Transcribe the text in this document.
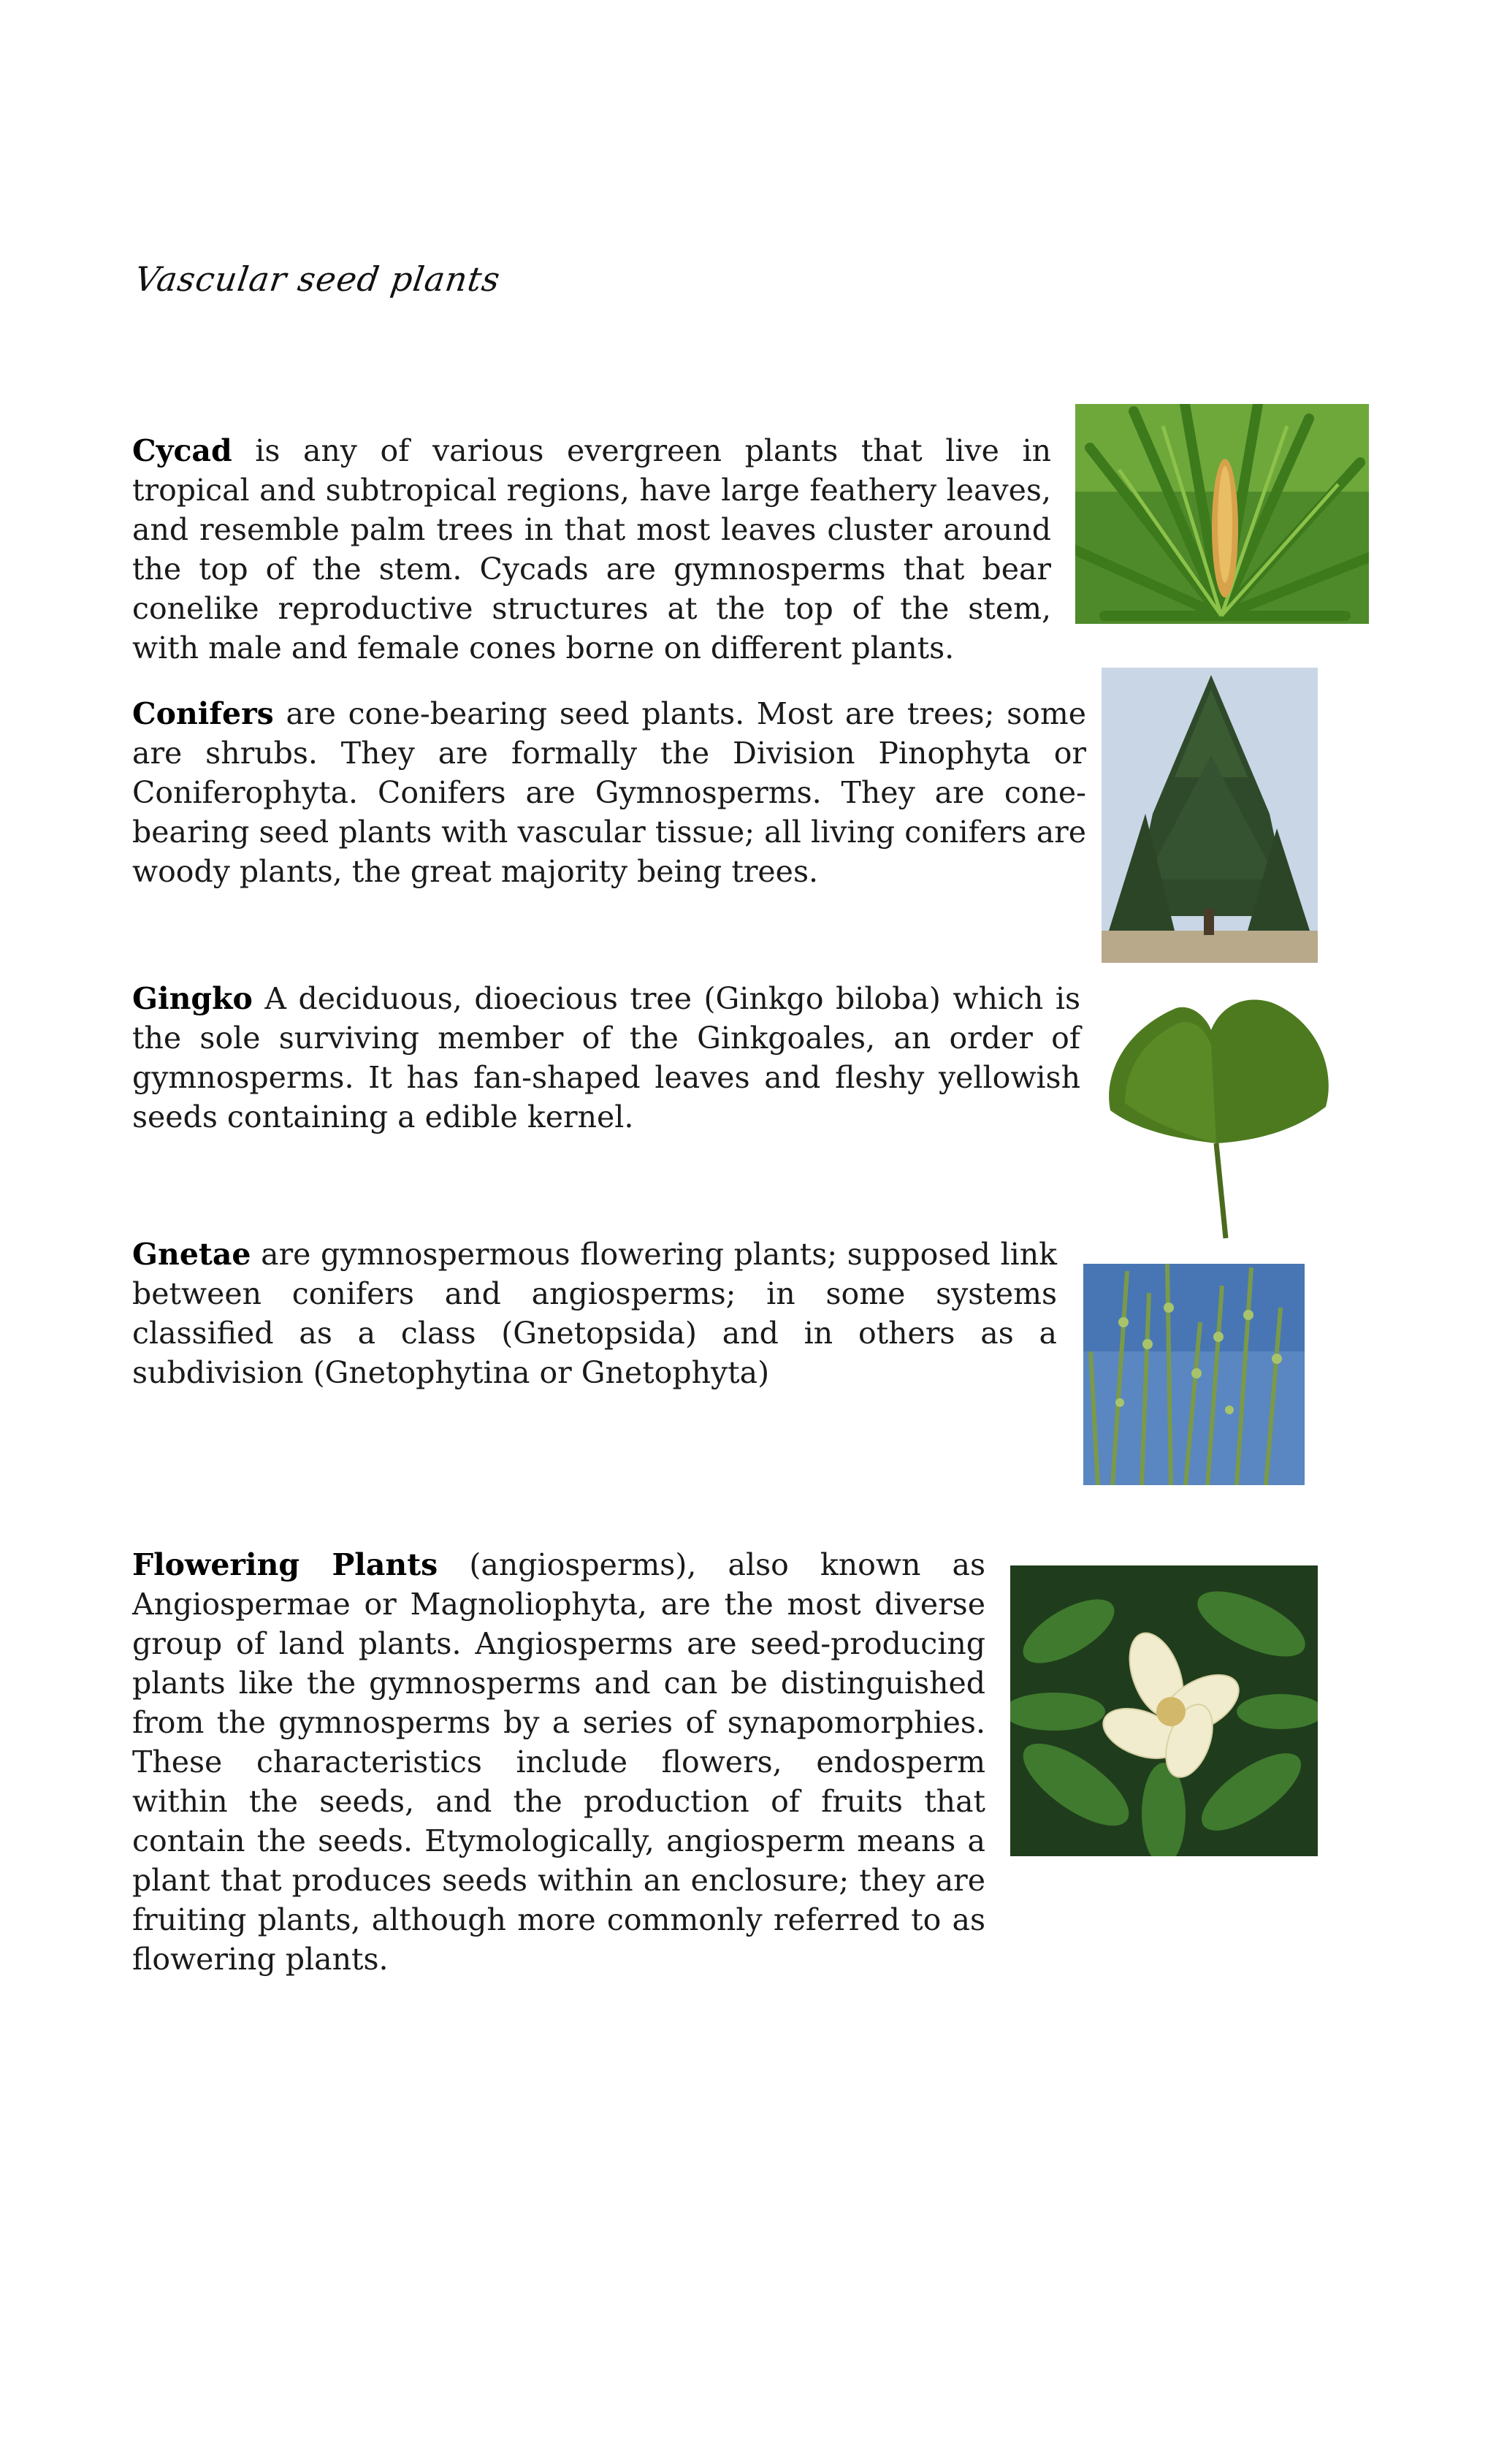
Vascular seed plants

Cycad is any of various evergreen plants that live in tropical and subtropical regions, have large feathery leaves, and resemble palm trees in that most leaves cluster around the top of the stem. Cycads are gymnosperms that bear conelike reproductive structures at the top of the stem, with male and female cones borne on different plants.

Conifers are cone-bearing seed plants. Most are trees; some are shrubs. They are formally the Division Pinophyta or Coniferophyta. Conifers are Gymnosperms. They are cone-bearing seed plants with vascular tissue; all living conifers are woody plants, the great majority being trees.

Gingko A deciduous, dioecious tree (Ginkgo biloba) which is the sole surviving member of the Ginkgoales, an order of gymnosperms. It has fan-shaped leaves and fleshy yellowish seeds containing a edible kernel.

Gnetae are gymnospermous flowering plants; supposed link between conifers and angiosperms; in some systems classified as a class (Gnetopsida) and in others as a subdivision (Gnetophytina or Gnetophyta)

Flowering Plants (angiosperms), also known as Angiospermae or Magnoliophyta, are the most diverse group of land plants. Angiosperms are seed-producing plants like the gymnosperms and can be distinguished from the gymnosperms by a series of synapomorphies. These characteristics include flowers, endosperm within the seeds, and the production of fruits that contain the seeds. Etymologically, angiosperm means a plant that produces seeds within an enclosure; they are fruiting plants, although more commonly referred to as flowering plants.
